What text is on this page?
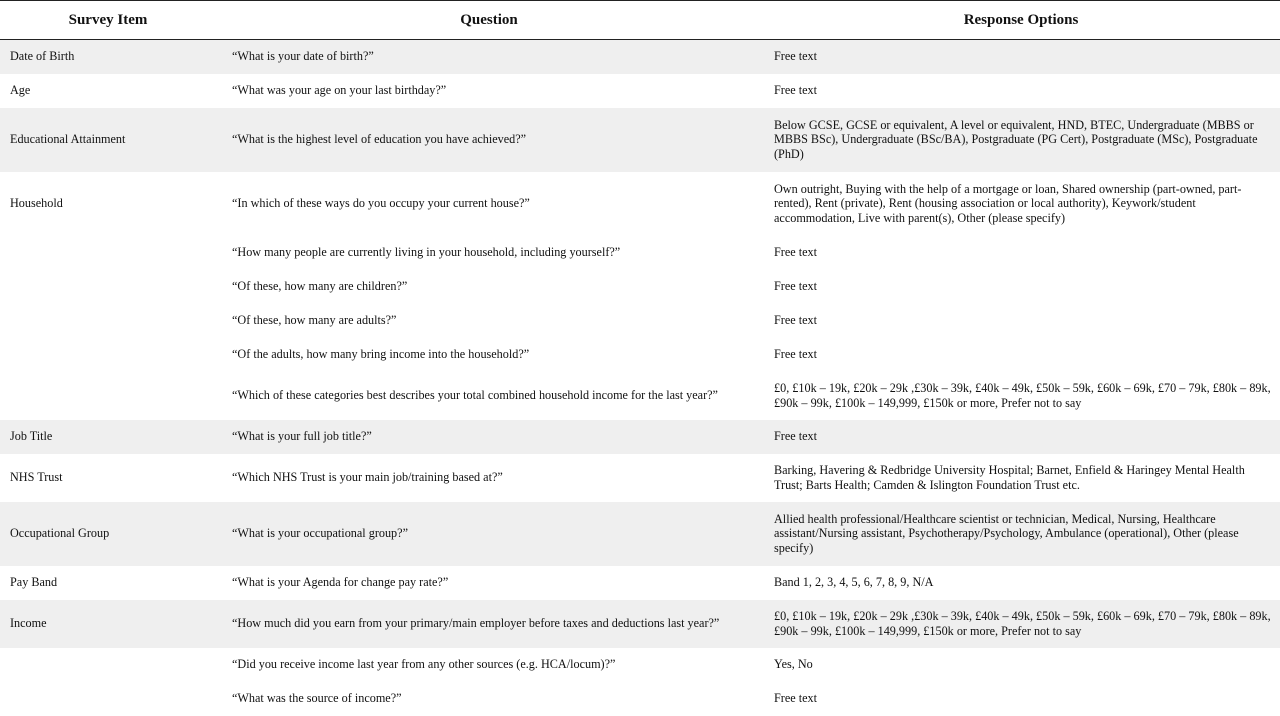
Survey Item	Question	Response Options
Date of Birth	“What is your date of birth?”	Free text
Age	“What was your age on your last birthday?”	Free text
Educational Attainment	“What is the highest level of education you have achieved?”	Below GCSE, GCSE or equivalent, A level or equivalent, HND, BTEC, Undergraduate (MBBS or MBBS BSc), Undergraduate (BSc/BA), Postgraduate (PG Cert), Postgraduate (MSc), Postgraduate (PhD)
Household	“In which of these ways do you occupy your current house?”	Own outright, Buying with the help of a mortgage or loan, Shared ownership (part-owned, part-rented), Rent (private), Rent (housing association or local authority), Keywork/student accommodation, Live with parent(s), Other (please specify)
	“How many people are currently living in your household, including yourself?”	Free text
	“Of these, how many are children?”	Free text
	“Of these, how many are adults?”	Free text
	“Of the adults, how many bring income into the household?”	Free text
	“Which of these categories best describes your total combined household income for the last year?”	£0, £10k – 19k, £20k – 29k ,£30k – 39k, £40k – 49k, £50k – 59k, £60k – 69k, £70 – 79k, £80k – 89k, £90k – 99k, £100k – 149,999, £150k or more, Prefer not to say
Job Title	“What is your full job title?”	Free text
NHS Trust	“Which NHS Trust is your main job/training based at?”	Barking, Havering & Redbridge University Hospital; Barnet, Enfield & Haringey Mental Health Trust; Barts Health; Camden & Islington Foundation Trust etc.
Occupational Group	“What is your occupational group?”	Allied health professional/Healthcare scientist or technician, Medical, Nursing, Healthcare assistant/Nursing assistant, Psychotherapy/Psychology, Ambulance (operational), Other (please specify)
Pay Band	“What is your Agenda for change pay rate?”	Band 1, 2, 3, 4, 5, 6, 7, 8, 9, N/A
Income	“How much did you earn from your primary/main employer before taxes and deductions last year?”	£0, £10k – 19k, £20k – 29k ,£30k – 39k, £40k – 49k, £50k – 59k, £60k – 69k, £70 – 79k, £80k – 89k, £90k – 99k, £100k – 149,999, £150k or more, Prefer not to say
	“Did you receive income last year from any other sources (e.g. HCA/locum)?”	Yes, No
	“What was the source of income?”	Free text
